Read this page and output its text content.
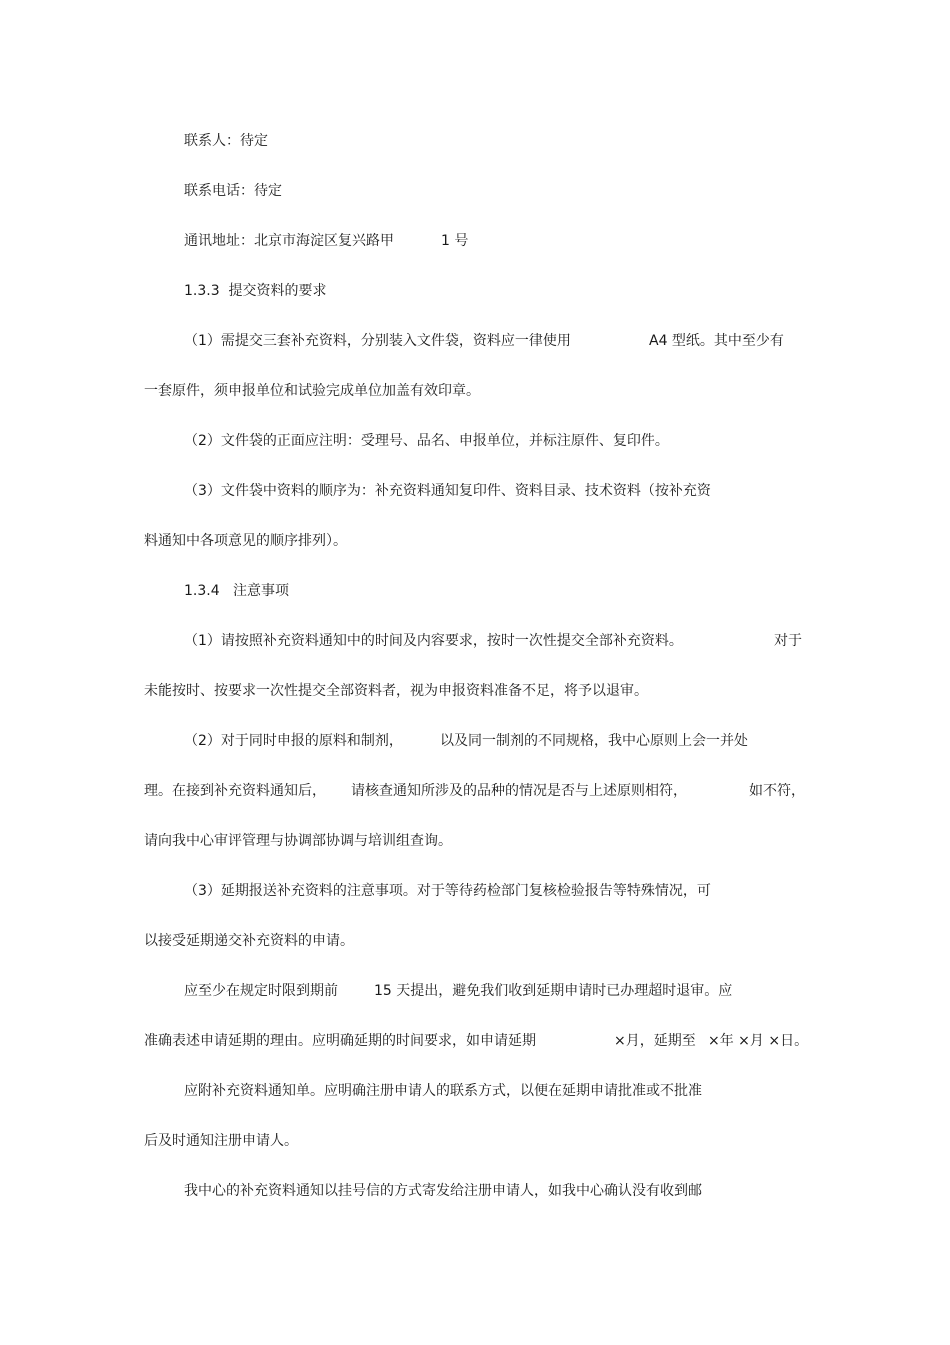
联系人：待定
联系电话：待定
通讯地址：北京市海淀区复兴路甲	1 号
1.3.3  提交资料的要求
（1）需提交三套补充资料，分别装入文件袋，资料应一律使用	A4 型纸。其中至少有
一套原件，须申报单位和试验完成单位加盖有效印章。
（2）文件袋的正面应注明：受理号、品名、申报单位，并标注原件、复印件。
（3）文件袋中资料的顺序为：补充资料通知复印件、资料目录、技术资料（按补充资
料通知中各项意见的顺序排列）。
1.3.4   注意事项
（1）请按照补充资料通知中的时间及内容要求，按时一次性提交全部补充资料。	对于
未能按时、按要求一次性提交全部资料者，视为申报资料准备不足，将予以退审。
（2）对于同时申报的原料和制剂，	以及同一制剂的不同规格，我中心原则上会一并处
理。在接到补充资料通知后， 请核查通知所涉及的品种的情况是否与上述原则相符，	如不符，
请向我中心审评管理与协调部协调与培训组查询。
（3）延期报送补充资料的注意事项。对于等待药检部门复核检验报告等特殊情况，可
以接受延期递交补充资料的申请。
应至少在规定时限到期前	15 天提出，避免我们收到延期申请时已办理超时退审。应
准确表述申请延期的理由。应明确延期的时间要求，如申请延期	×月，延期至 ×年 ×月 ×日。
应附补充资料通知单。应明确注册申请人的联系方式，以便在延期申请批准或不批准
后及时通知注册申请人。
我中心的补充资料通知以挂号信的方式寄发给注册申请人，如我中心确认没有收到邮
